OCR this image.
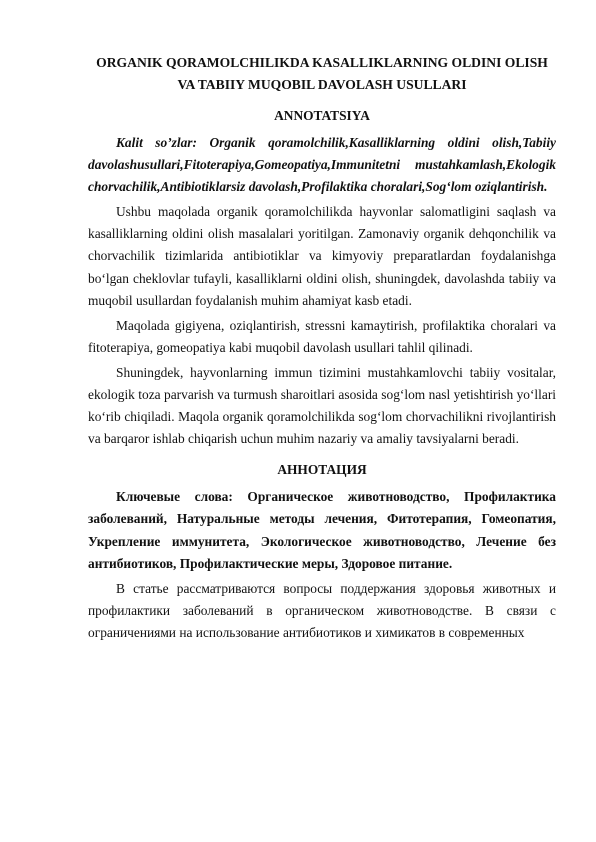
ORGANIK QORAMOLCHILIKDA KASALLIKLARNING OLDINI OLISH
VA TABIIY MUQOBIL DAVOLASH USULLARI
ANNOTATSIYA

Kalit so’zlar: Organik qoramolchilik,Kasalliklarning oldini olish,Tabiiy davolashusullari,Fitoterapiya,Gomeopatiya,Immunitetni mustahkamlash,Ekologik chorvachilik,Antibiotiklarsiz davolash,Profilaktika choralari,Sog‘lom oziqlantirish.

Ushbu maqolada organik qoramolchilikda hayvonlar salomatligini saqlash va kasalliklarning oldini olish masalalari yoritilgan. Zamonaviy organik dehqonchilik va chorvachilik tizimlarida antibiotiklar va kimyoviy preparatlardan foydalanishga bo‘lgan cheklovlar tufayli, kasalliklarni oldini olish, shuningdek, davolashda tabiiy va muqobil usullardan foydalanish muhim ahamiyat kasb etadi.

Maqolada gigiyena, oziqlantirish, stressni kamaytirish, profilaktika choralari va fitoterapiya, gomeopatiya kabi muqobil davolash usullari tahlil qilinadi.

Shuningdek, hayvonlarning immun tizimini mustahkamlovchi tabiiy vositalar, ekologik toza parvarish va turmush sharoitlari asosida sog‘lom nasl yetishtirish yo‘llari ko‘rib chiqiladi. Maqola organik qoramolchilikda sog‘lom chorvachilikni rivojlantirish va barqaror ishlab chiqarish uchun muhim nazariy va amaliy tavsiyalarni beradi.

АННОТАЦИЯ

Ключевые слова: Органическое животноводство, Профилактика заболеваний, Натуральные методы лечения, Фитотерапия, Гомеопатия, Укрепление иммунитета, Экологическое животноводство, Лечение без антибиотиков, Профилактические меры, Здоровое питание.

В статье рассматриваются вопросы поддержания здоровья животных и профилактики заболеваний в органическом животноводстве. В связи с ограничениями на использование антибиотиков и химикатов в современных
